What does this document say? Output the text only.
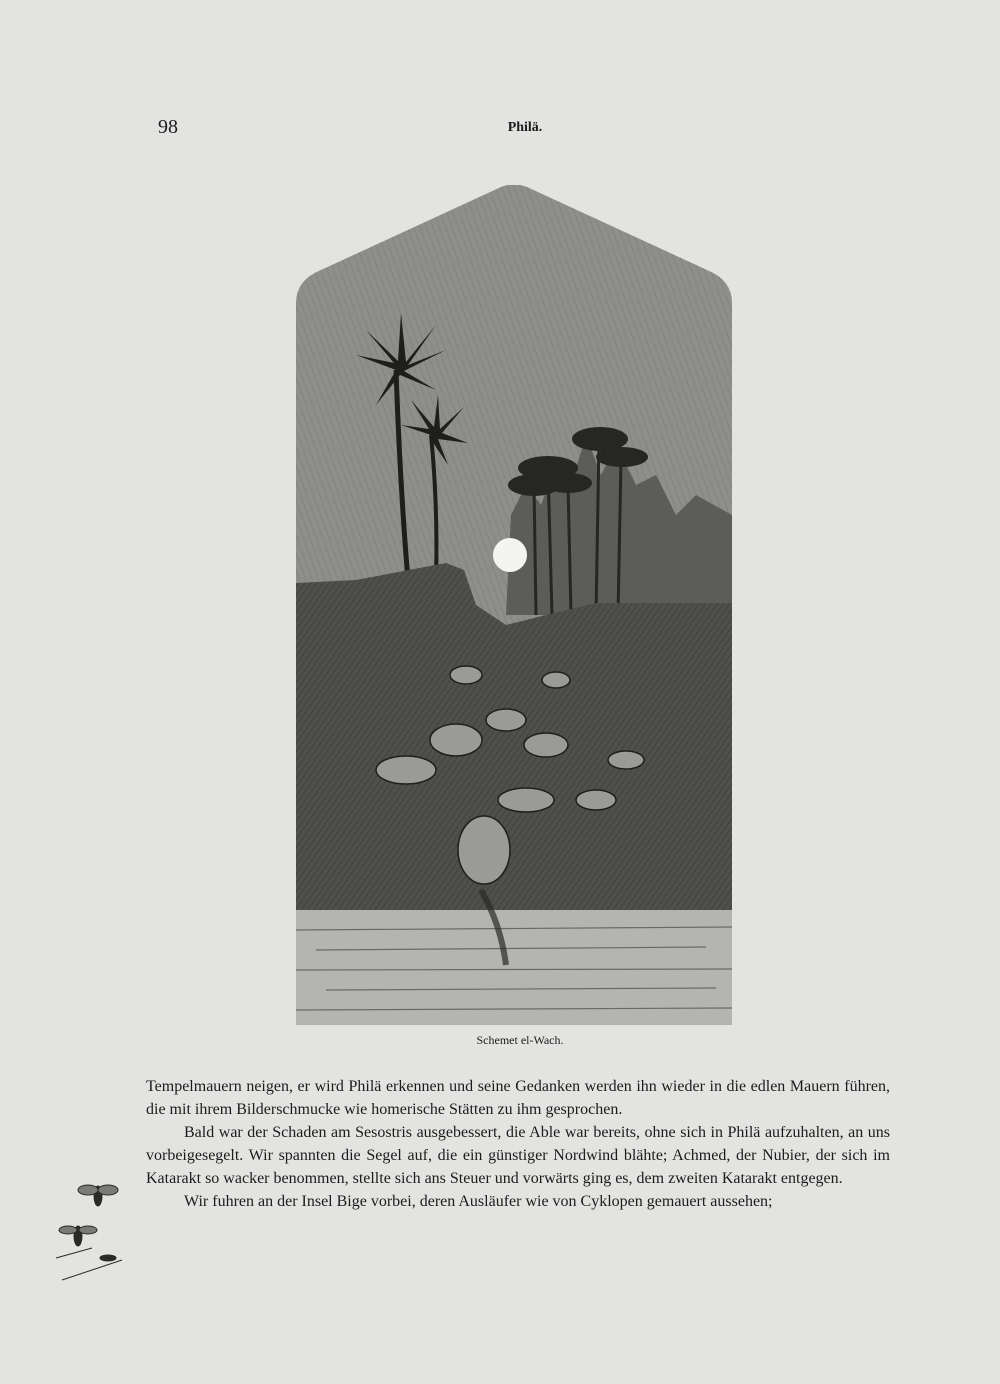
98	Philä.
Schemet el-Wach.

Tempelmauern neigen, er wird Philä erkennen und seine Gedanken werden ihn wieder in die edlen Mauern führen, die mit ihrem Bilderschmucke wie homerische Stätten zu ihm gesprochen.

Bald war der Schaden am Sesostris ausgebessert, die Able war bereits, ohne sich in Philä aufzuhalten, an uns vorbeigesegelt. Wir spannten die Segel auf, die ein günstiger Nordwind blähte; Achmed, der Nubier, der sich im Katarakt so wacker benommen, stellte sich ans Steuer und vorwärts ging es, dem zweiten Katarakt entgegen.

Wir fuhren an der Insel Bige vorbei, deren Ausläufer wie von Cyklopen gemauert aussehen;
